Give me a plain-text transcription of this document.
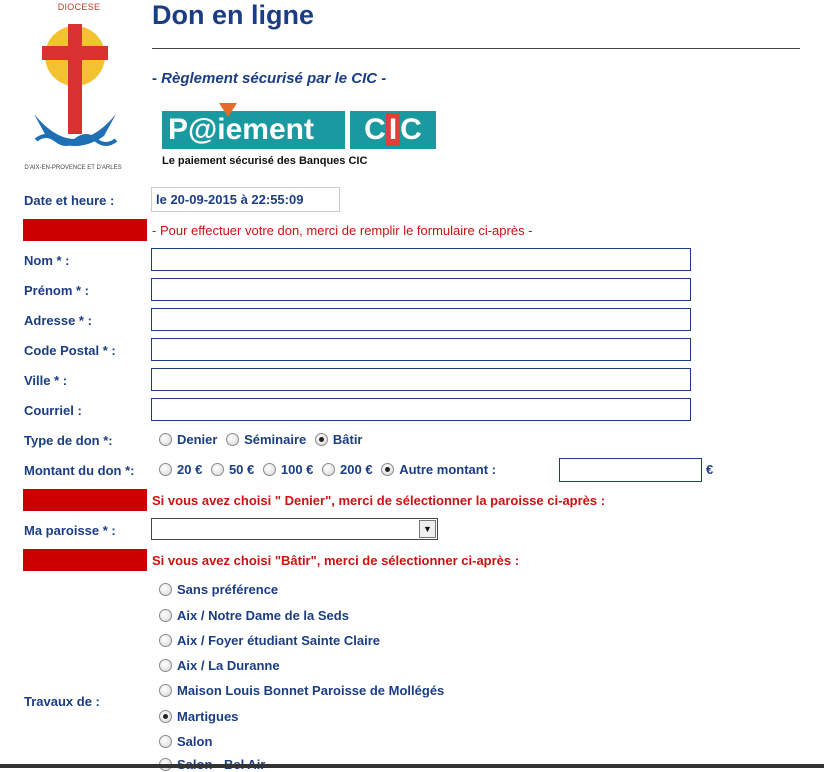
DIOCESE
D'AIX-EN-PROVENCE ET D'ARLES
Don en ligne
- Règlement sécurisé par le CIC -
P@iement	C I C
Le paiement sécurisé des Banques CIC
Date et heure :	le 20-09-2015 à 22:55:09
- Pour effectuer votre don, merci de remplir le formulaire ci-après -
Nom * :
Prénom * :
Adresse * :
Code Postal * :
Ville * :
Courriel :
Type de don *:	Denier Séminaire Bâtir
Montant du don *:	20 € 50 € 100 € 200 € Autre montant :	€
Si vous avez choisi " Denier", merci de sélectionner la paroisse ci-après :
Ma paroisse * :	▼
Si vous avez choisi "Bâtir", merci de sélectionner ci-après :
Travaux de :
Sans préférence
Aix / Notre Dame de la Seds
Aix / Foyer étudiant Sainte Claire
Aix / La Duranne
Maison Louis Bonnet Paroisse de Mollégés
Martigues
Salon
